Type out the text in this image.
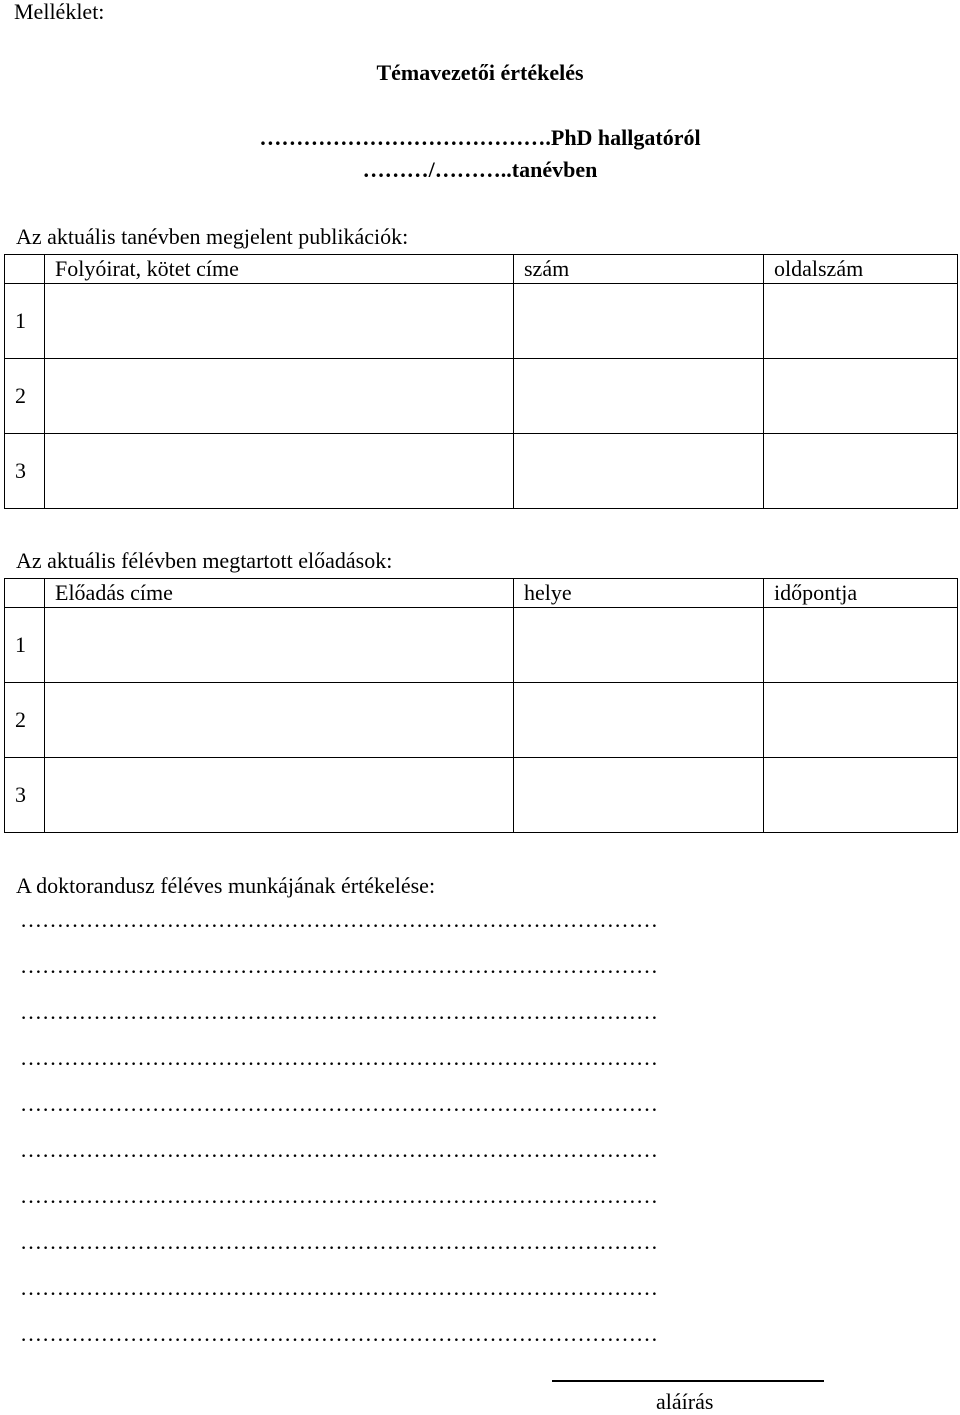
Melléklet:
Témavezetői értékelés
………………………………….PhD hallgatóról
………/………..tanévben
Az aktuális tanévben megjelent publikációk:
	Folyóirat, kötet címe	szám	oldalszám
1			
2			
3			
Az aktuális félévben megtartott előadások:
	Előadás címe	helye	időpontja
1			
2			
3			
A doktorandusz féléves munkájának értékelése:
……………………………………………………………………………
……………………………………………………………………………
……………………………………………………………………………
……………………………………………………………………………
……………………………………………………………………………
……………………………………………………………………………
……………………………………………………………………………
……………………………………………………………………………
……………………………………………………………………………
……………………………………………………………………………
aláírás
